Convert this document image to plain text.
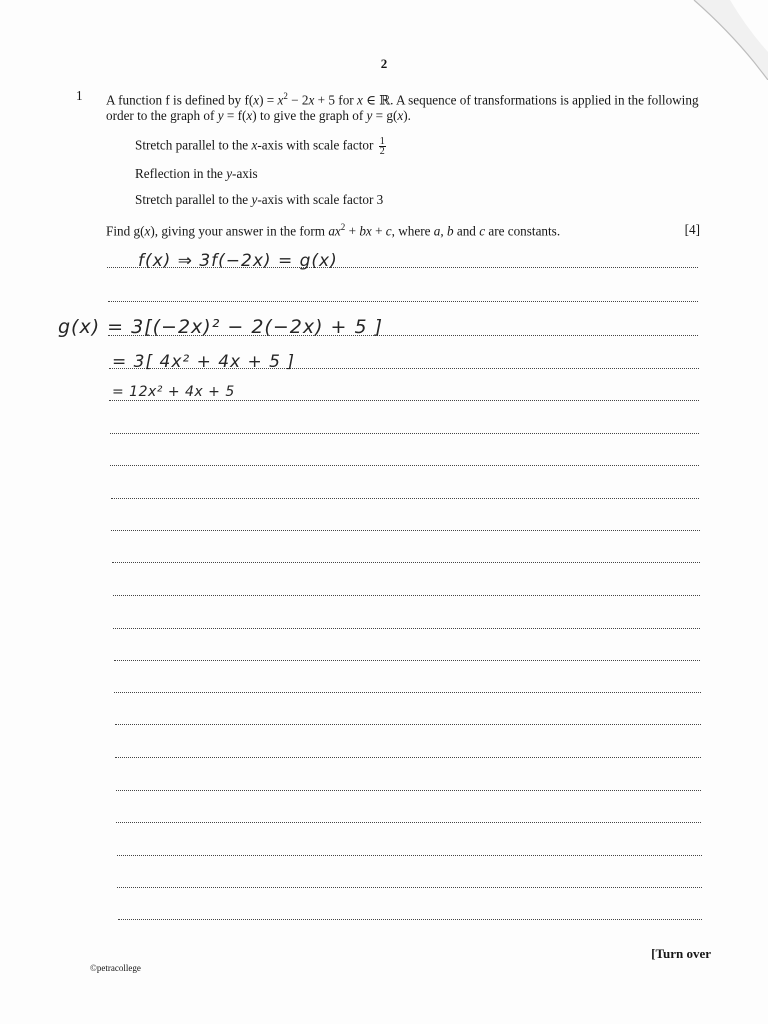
2
1 A function f is defined by $f(x) = x^2 - 2x + 5$ for x ∈ ℝ. A sequence of transformations is applied in the following order to the graph of y = f(x) to give the graph of y = g(x).
Stretch parallel to the x-axis with scale factor $\frac{1}{2}$
Reflection in the y-axis
Stretch parallel to the y-axis with scale factor 3
Find g(x), giving your answer in the form $ax^2$ + bx + c, where a, b and c are constants.	[4]
f(x) ⇒ 3f(−2x) = g(x)
g(x) = 3[(−2x)² − 2(−2x) + 5 ]
= 3[ 4x² + 4x + 5 ]
= 12x² + 4x + 5
©petracollege
[Turn over
